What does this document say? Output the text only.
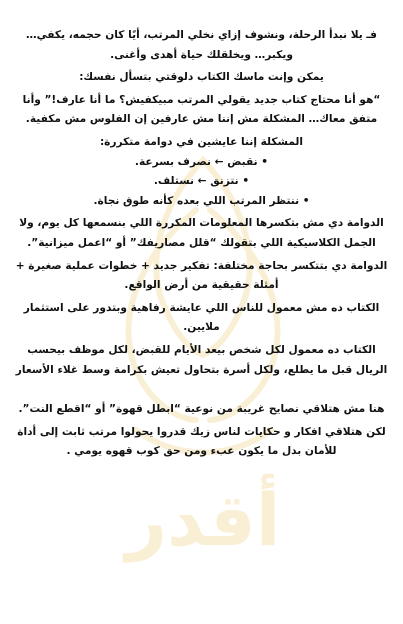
أقدر

فـ يلا نبدأ الرحلة، ونشوف إزاي نخلي المرتب، أيًا كان حجمه، يكفي… ويكبر… ويخلقلك حياة أهدى وأغنى.

يمكن وإنت ماسك الكتاب دلوقتي بتسأل نفسك:

“هو أنا محتاج كتاب جديد يقولي المرتب مبيكفيش؟ ما أنا عارف!” وأنا متفق معاك… المشكلة مش إننا مش عارفين إن الفلوس مش مكفية.

المشكلة إننا عايشين في دوامة متكررة:

• نقبض ← نصرف بسرعة.

• نتزنق ← نستلف.

• ننتظر المرتب اللي بعده كأنه طوق نجاة.

الدوامة دي مش بتكسرها المعلومات المكررة اللي بنسمعها كل يوم، ولا الجمل الكلاسيكية اللي بتقولك “قلل مصاريفك” أو “اعمل ميزانية”.

الدوامة دي بتتكسر بحاجة مختلفة: تفكير جديد + خطوات عملية صغيرة + أمثلة حقيقية من أرض الواقع.

الكتاب ده مش معمول للناس اللي عايشة رفاهية وبتدور على استثمار ملايين.

الكتاب ده معمول لكل شخص بيعد الأيام للقبض، لكل موظف بيحسب الريال قبل ما يطلع، ولكل أسرة بتحاول تعيش بكرامة وسط غلاء الأسعار

هنا مش هتلاقي نصايح غريبة من نوعية “ابطل قهوة” أو “اقطع النت”.

لكن هتلاقي افكار و حكايات لناس زيك قدروا يحولوا مرتب ثابت إلى أداة للأمان بدل ما يكون عبء ومن حق كوب قهوه يومي .
